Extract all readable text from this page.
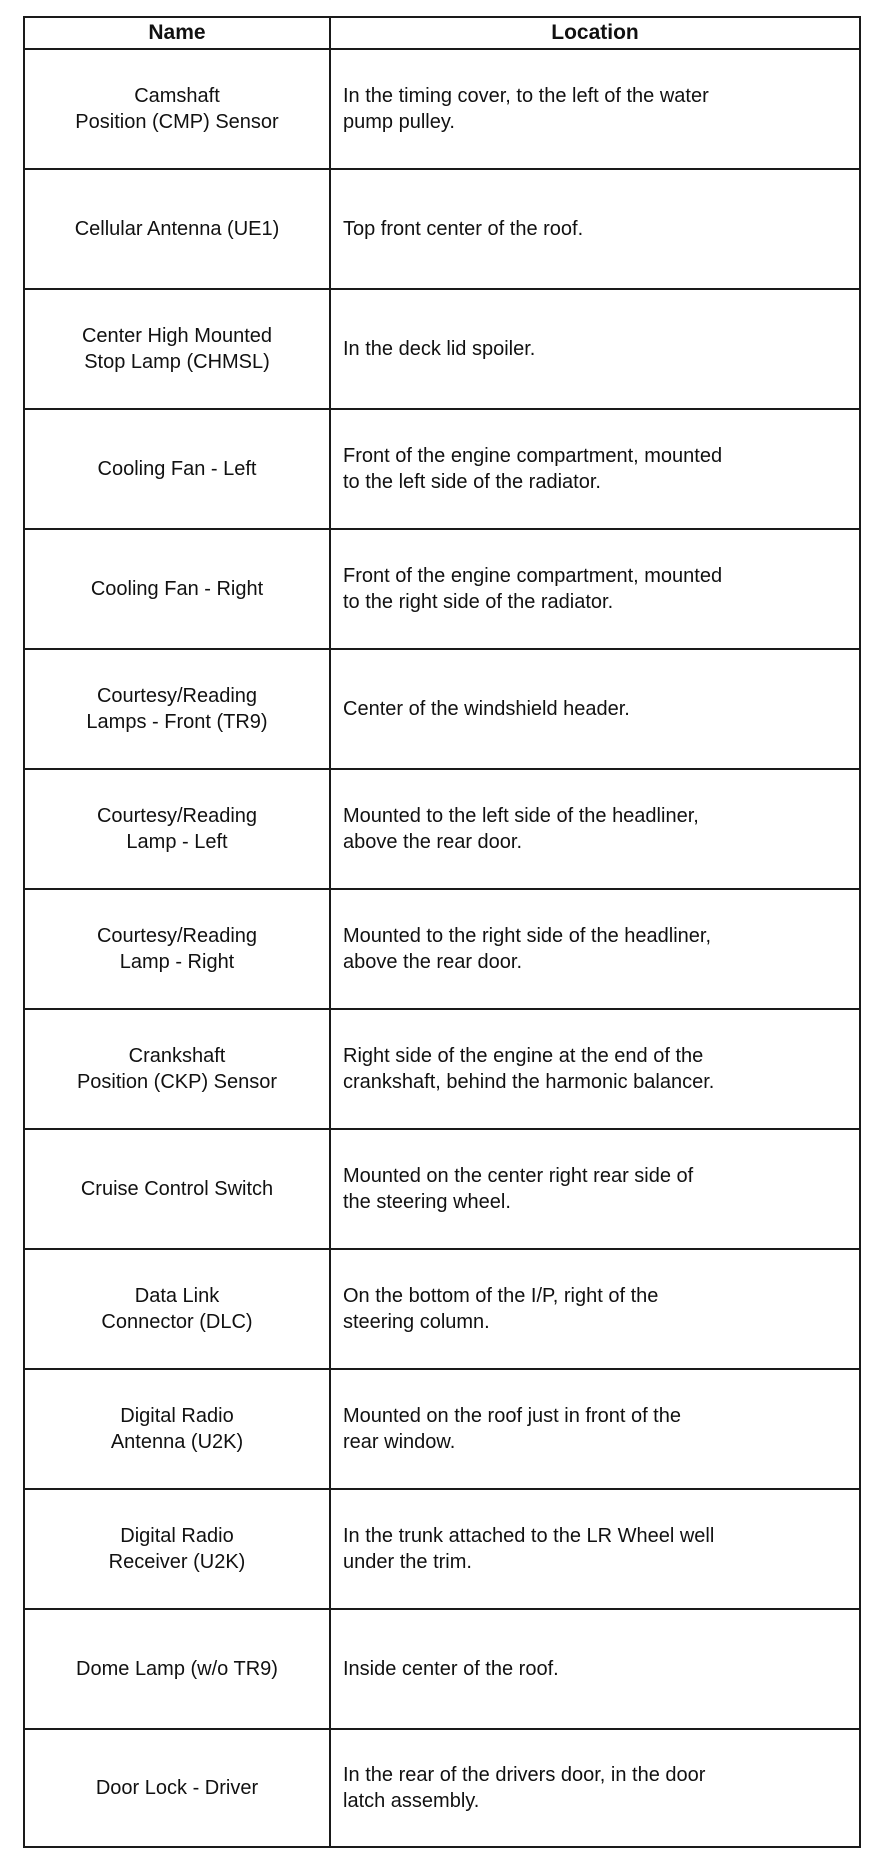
Name	Location
Camshaft
Position (CMP) Sensor	In the timing cover, to the left of the water
pump pulley.
Cellular Antenna (UE1)	Top front center of the roof.
Center High Mounted
Stop Lamp (CHMSL)	In the deck lid spoiler.
Cooling Fan - Left	Front of the engine compartment, mounted
to the left side of the radiator.
Cooling Fan - Right	Front of the engine compartment, mounted
to the right side of the radiator.
Courtesy/Reading
Lamps - Front (TR9)	Center of the windshield header.
Courtesy/Reading
Lamp - Left	Mounted to the left side of the headliner,
above the rear door.
Courtesy/Reading
Lamp - Right	Mounted to the right side of the headliner,
above the rear door.
Crankshaft
Position (CKP) Sensor	Right side of the engine at the end of the
crankshaft, behind the harmonic balancer.
Cruise Control Switch	Mounted on the center right rear side of
the steering wheel.
Data Link
Connector (DLC)	On the bottom of the I/P, right of the
steering column.
Digital Radio
Antenna (U2K)	Mounted on the roof just in front of the
rear window.
Digital Radio
Receiver (U2K)	In the trunk attached to the LR Wheel well
under the trim.
Dome Lamp (w/o TR9)	Inside center of the roof.
Door Lock - Driver	In the rear of the drivers door, in the door
latch assembly.
